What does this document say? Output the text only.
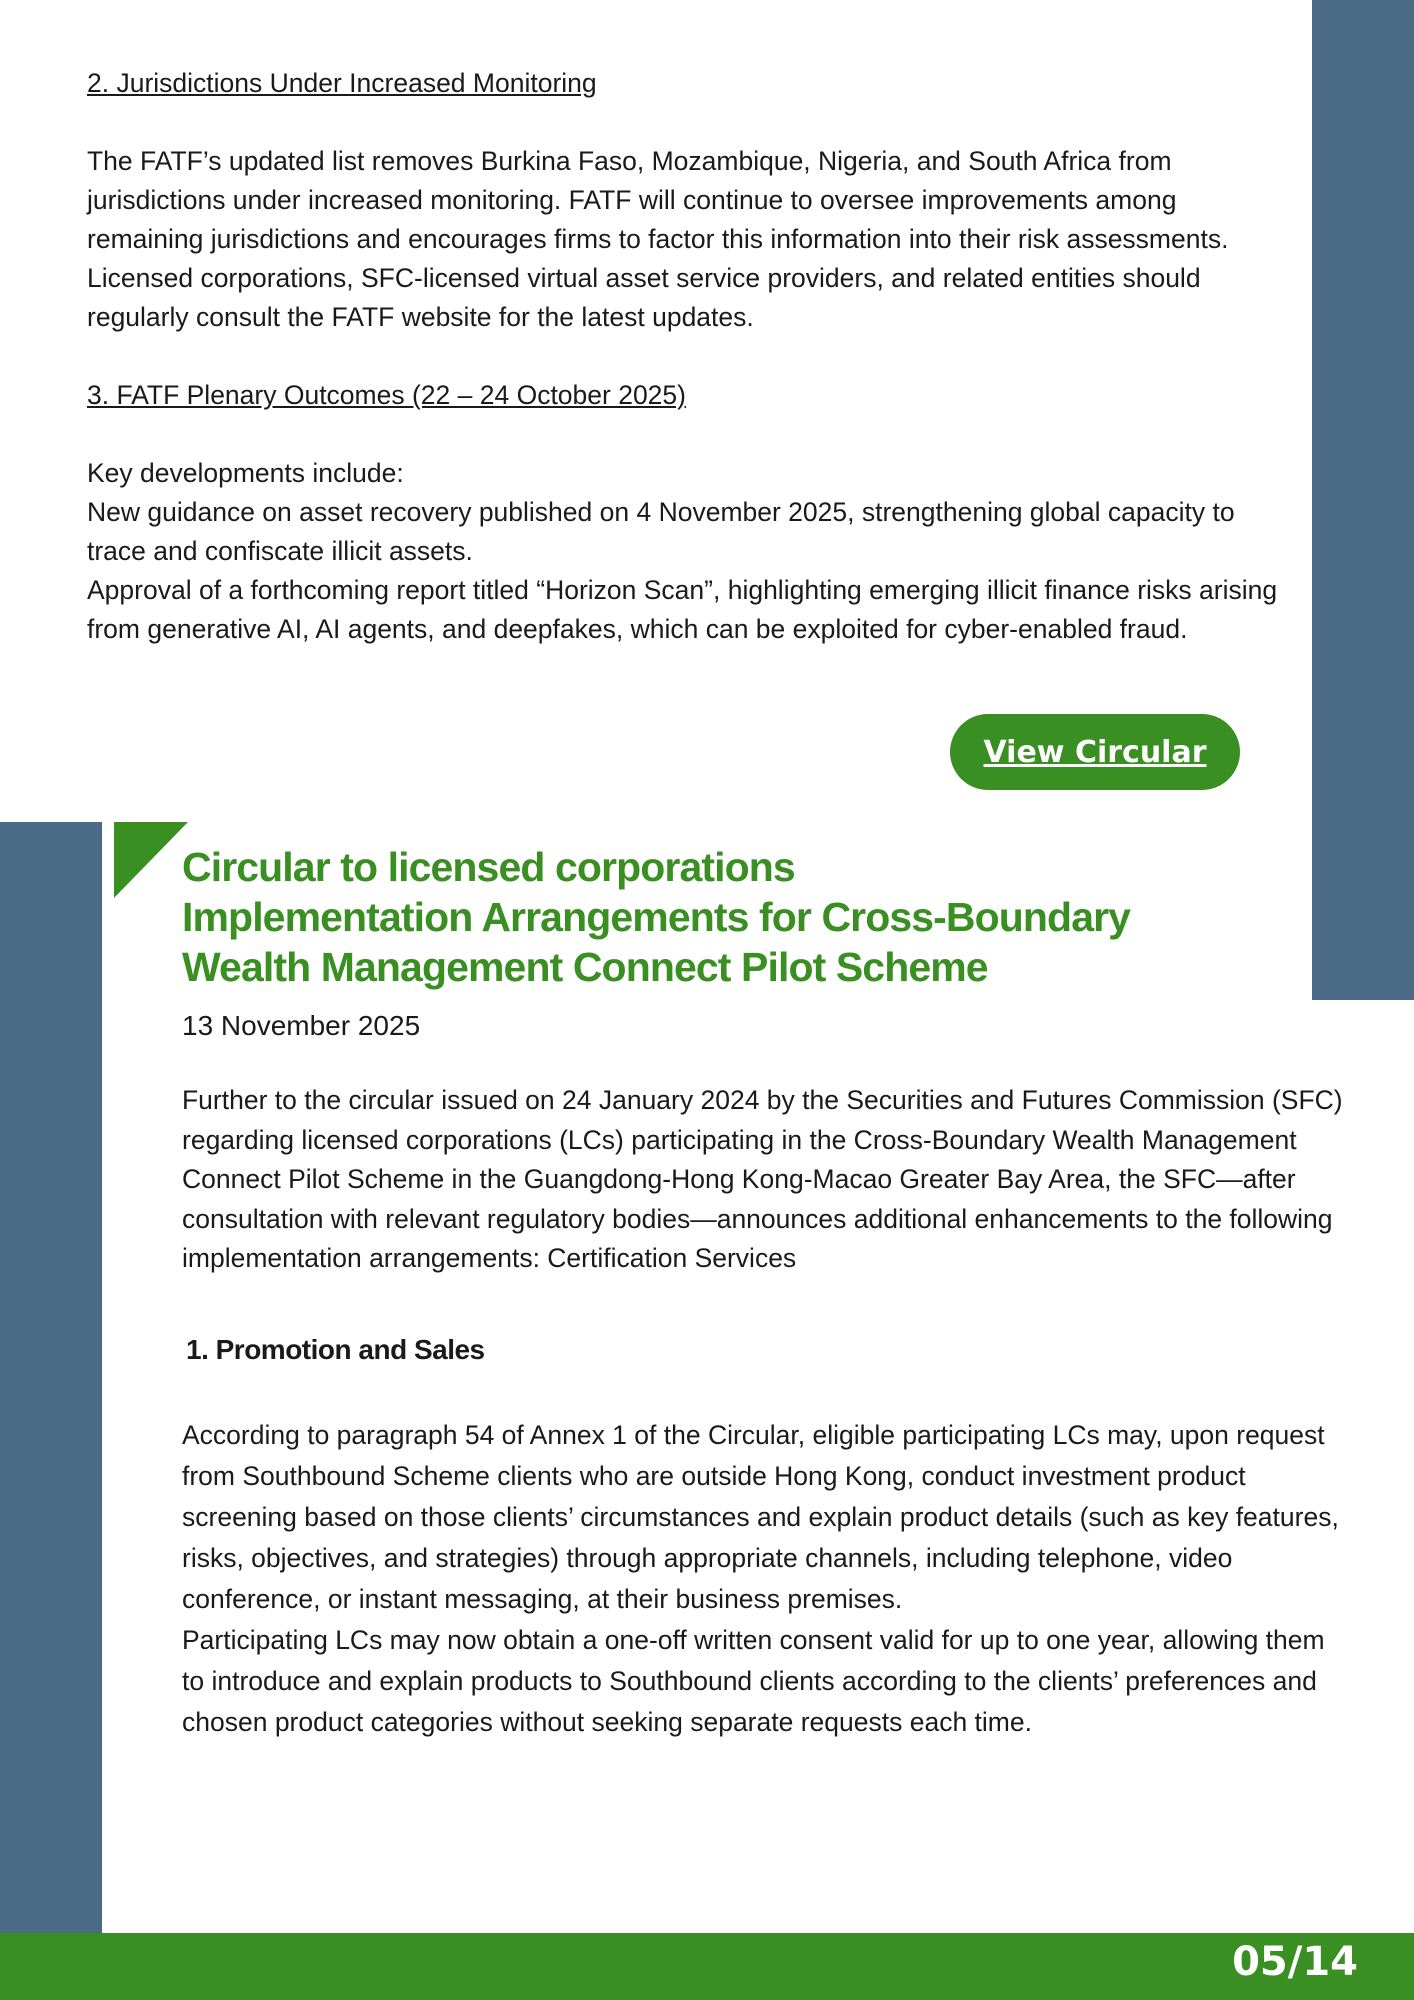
2. Jurisdictions Under Increased Monitoring

The FATF’s updated list removes Burkina Faso, Mozambique, Nigeria, and South Africa from jurisdictions under increased monitoring. FATF will continue to oversee improvements among remaining jurisdictions and encourages firms to factor this information into their risk assessments.

Licensed corporations, SFC-licensed virtual asset service providers, and related entities should regularly consult the FATF website for the latest updates.

3. FATF Plenary Outcomes (22 – 24 October 2025)

Key developments include:

New guidance on asset recovery published on 4 November 2025, strengthening global capacity to trace and confiscate illicit assets.

Approval of a forthcoming report titled “Horizon Scan”, highlighting emerging illicit finance risks arising from generative AI, AI agents, and deepfakes, which can be exploited for cyber-enabled fraud.

View Circular
Circular to licensed corporations
Implementation Arrangements for Cross-Boundary
Wealth Management Connect Pilot Scheme
13 November 2025

Further to the circular issued on 24 January 2024 by the Securities and Futures Commission (SFC) regarding licensed corporations (LCs) participating in the Cross-Boundary Wealth Management Connect Pilot Scheme in the Guangdong-Hong Kong-Macao Greater Bay Area, the SFC—after consultation with relevant regulatory bodies—announces additional enhancements to the following implementation arrangements: Certification Services

1. Promotion and Sales

According to paragraph 54 of Annex 1 of the Circular, eligible participating LCs may, upon request from Southbound Scheme clients who are outside Hong Kong, conduct investment product screening based on those clients’ circumstances and explain product details (such as key features, risks, objectives, and strategies) through appropriate channels, including telephone, video conference, or instant messaging, at their business premises.

Participating LCs may now obtain a one-off written consent valid for up to one year, allowing them to introduce and explain products to Southbound clients according to the clients’ preferences and chosen product categories without seeking separate requests each time.

05/14
